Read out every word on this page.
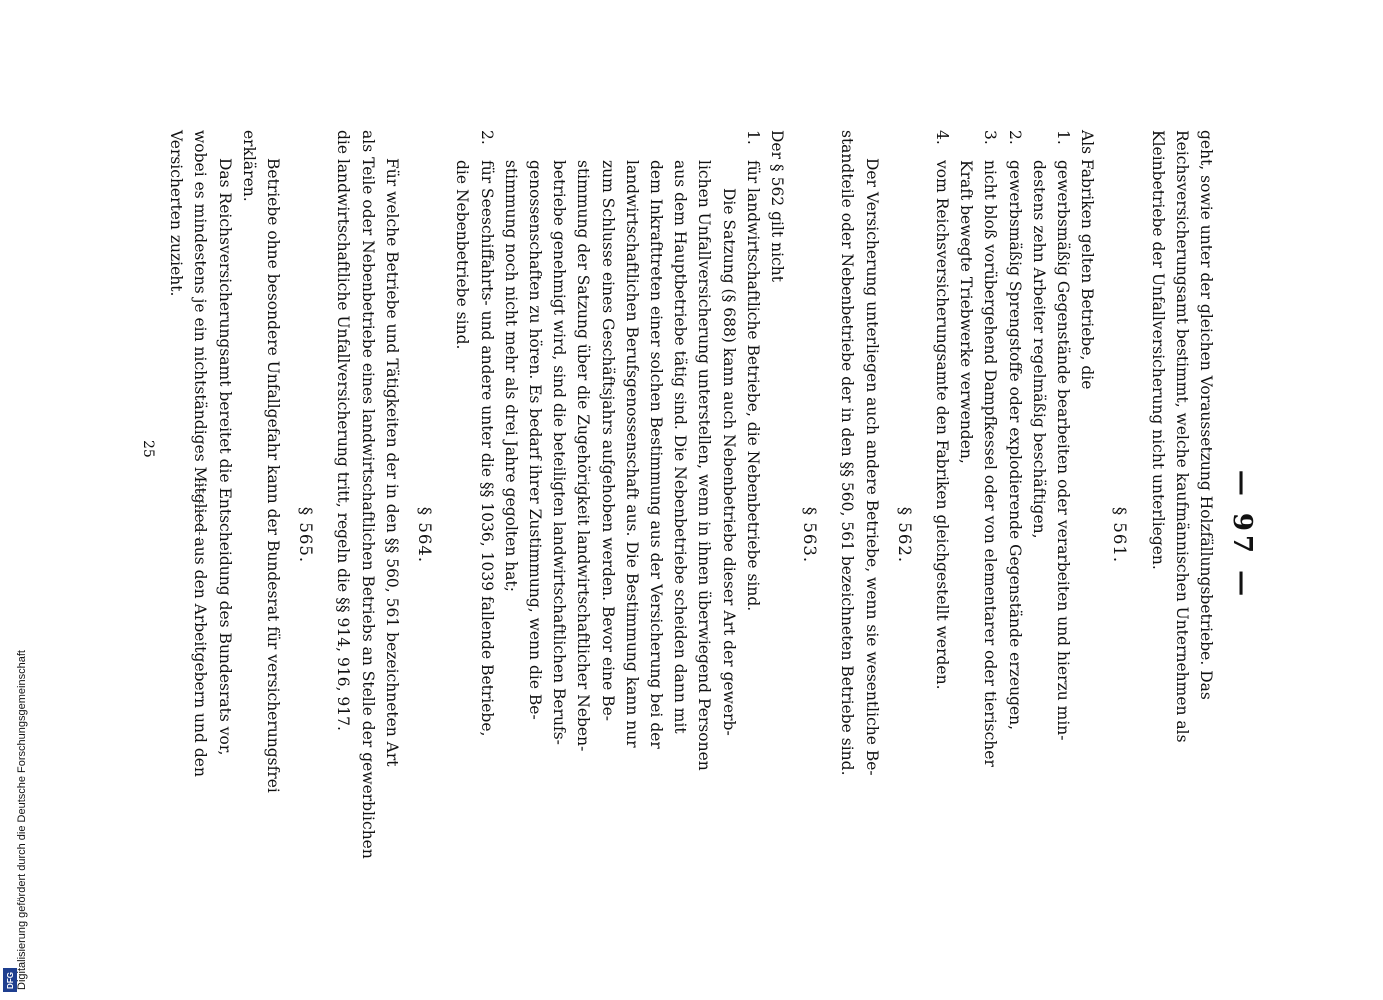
— 97 —
geht, sowie unter der gleichen Voraussetzung Holzfällungsbetriebe. Das
Reichsversicherungsamt bestimmt, welche kaufmännischen Unternehmen als
Kleinbetriebe der Unfallversicherung nicht unterliegen.
§ 561.
Als Fabriken gelten Betriebe, die
1.
gewerbsmäßig Gegenstände bearbeiten oder verarbeiten und hierzu min-
destens zehn Arbeiter regelmäßig beschäftigen,
2.
gewerbsmäßig Sprengstoffe oder explodierende Gegenstände erzeugen,
3.
nicht bloß vorübergehend Dampfkessel oder von elementarer oder tierischer
Kraft bewegte Triebwerke verwenden,
4.
vom Reichsversicherungsamte den Fabriken gleichgestellt werden.
§ 562.
Der Versicherung unterliegen auch andere Betriebe, wenn sie wesentliche Be-
standteile oder Nebenbetriebe der in den §§ 560, 561 bezeichneten Betriebe sind.
§ 563.
Der § 562 gilt nicht
1.
für landwirtschaftliche Betriebe, die Nebenbetriebe sind.
Die Satzung (§ 688) kann auch Nebenbetriebe dieser Art der gewerb-
lichen Unfallversicherung unterstellen, wenn in ihnen überwiegend Personen
aus dem Hauptbetriebe tätig sind. Die Nebenbetriebe scheiden dann mit
dem Inkrafttreten einer solchen Bestimmung aus der Versicherung bei der
landwirtschaftlichen Berufsgenossenschaft aus. Die Bestimmung kann nur
zum Schlusse eines Geschäftsjahrs aufgehoben werden. Bevor eine Be-
stimmung der Satzung über die Zugehörigkeit landwirtschaftlicher Neben-
betriebe genehmigt wird, sind die beteiligten landwirtschaftlichen Berufs-
genossenschaften zu hören. Es bedarf ihrer Zustimmung, wenn die Be-
stimmung noch nicht mehr als drei Jahre gegolten hat;
2.
für Seeschiffahrts- und andere unter die §§ 1036, 1039 fallende Betriebe,
die Nebenbetriebe sind.
§ 564.
Für welche Betriebe und Tätigkeiten der in den §§ 560, 561 bezeichneten Art
als Teile oder Nebenbetriebe eines landwirtschaftlichen Betriebs an Stelle der gewerblichen
die landwirtschaftliche Unfallversicherung tritt, regeln die §§ 914, 916, 917.
§ 565.
Betriebe ohne besondere Unfallgefahr kann der Bundesrat für versicherungsfrei
erklären.
Das Reichsversicherungsamt bereitet die Entscheidung des Bundesrats vor,
wobei es mindestens je ein nichtständiges Mitglied aus den Arbeitgebern und den
Versicherten zuzieht.
25
DFG Digitalisierung gefördert durch die Deutsche Forschungsgemeinschaft
